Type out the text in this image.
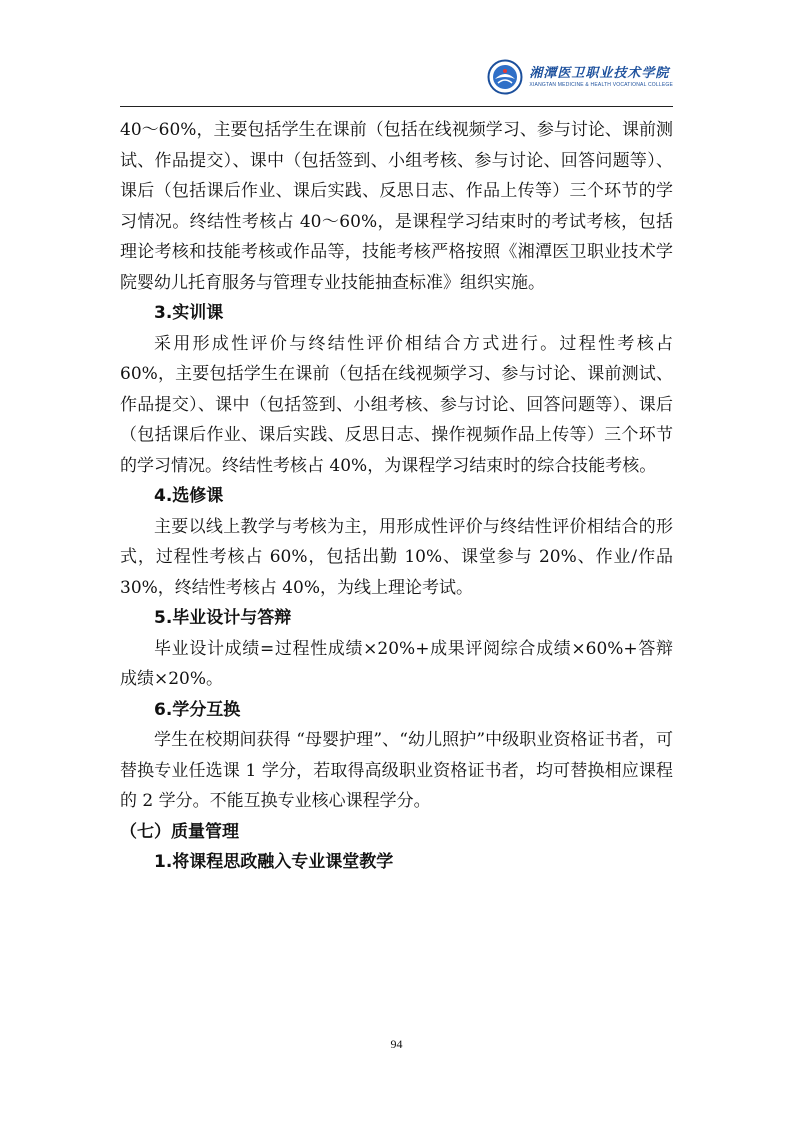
湘潭医卫职业技术学院
XIANGTAN MEDICINE & HEALTH VOCATIONAL COLLEGE

40～60%，主要包括学生在课前（包括在线视频学习、参与讨论、课前测试、作品提交）、课中（包括签到、小组考核、参与讨论、回答问题等）、课后（包括课后作业、课后实践、反思日志、作品上传等）三个环节的学习情况。终结性考核占 40～60%，是课程学习结束时的考试考核，包括理论考核和技能考核或作品等，技能考核严格按照《湘潭医卫职业技术学院婴幼儿托育服务与管理专业技能抽查标准》组织实施。

3.实训课

采用形成性评价与终结性评价相结合方式进行。过程性考核占 60%，主要包括学生在课前（包括在线视频学习、参与讨论、课前测试、作品提交）、课中（包括签到、小组考核、参与讨论、回答问题等）、课后（包括课后作业、课后实践、反思日志、操作视频作品上传等）三个环节的学习情况。终结性考核占 40%，为课程学习结束时的综合技能考核。

4.选修课

主要以线上教学与考核为主，用形成性评价与终结性评价相结合的形式，过程性考核占 60%，包括出勤 10%、课堂参与 20%、作业/作品 30%，终结性考核占 40%，为线上理论考试。

5.毕业设计与答辩

毕业设计成绩=过程性成绩×20%+成果评阅综合成绩×60%+答辩成绩×20%。

6.学分互换

学生在校期间获得 “母婴护理”、“幼儿照护”中级职业资格证书者，可替换专业任选课 1 学分，若取得高级职业资格证书者，均可替换相应课程的 2 学分。不能互换专业核心课程学分。

（七）质量管理
1.将课程思政融入专业课堂教学
94
